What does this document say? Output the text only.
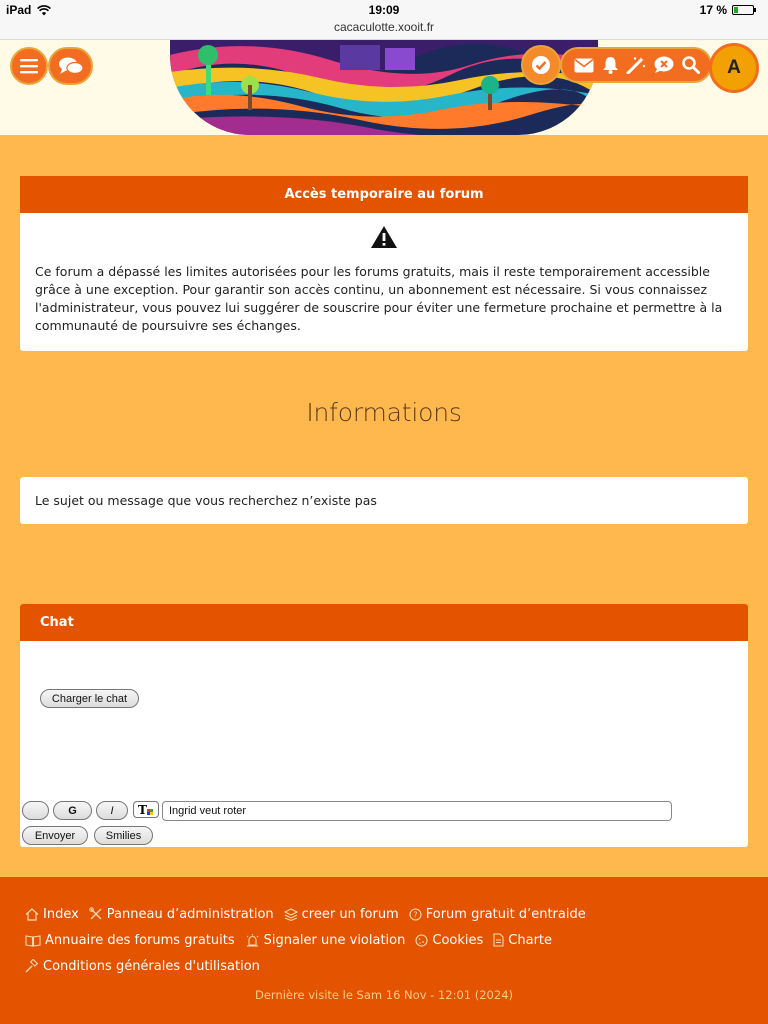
iPad	19:09
cacaculotte.xooit.fr
17 %
A
Accès temporaire au forum
Ce forum a dépassé les limites autorisées pour les forums gratuits, mais il reste temporairement accessible grâce à une exception. Pour garantir son accès continu, un abonnement est nécessaire. Si vous connaissez l'administrateur, vous pouvez lui suggérer de souscrire pour éviter une fermeture prochaine et permettre à la communauté de poursuivre ses échanges.
Informations
Le sujet ou message que vous recherchez n’existe pas
Chat
Charger le chat
G	I	T	Ingrid veut roter
Envoyer	Smilies
Index Panneau d’administration creer un forum ? Forum gratuit d’entraide
Annuaire des forums gratuits Signaler une violation Cookies Charte
Conditions générales d'utilisation
Dernière visite le Sam 16 Nov - 12:01 (2024)
